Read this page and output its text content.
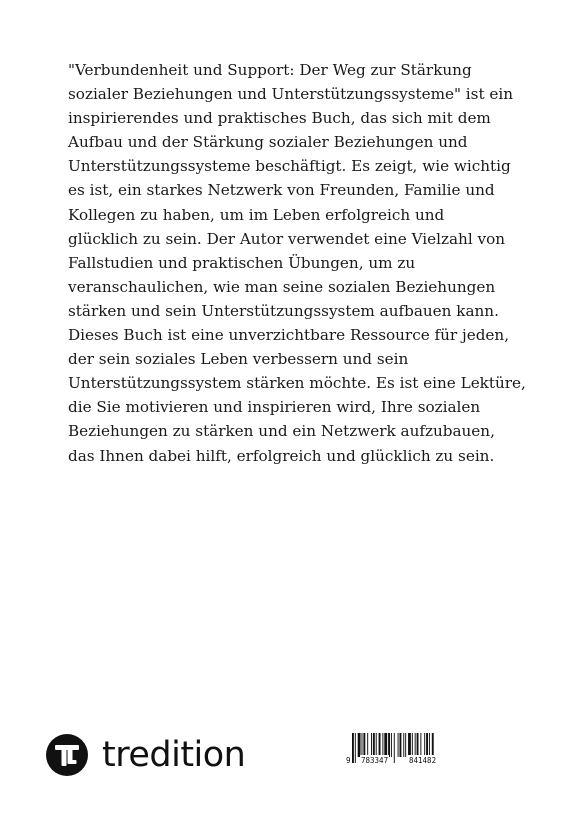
"Verbundenheit und Support: Der Weg zur Stärkung
sozialer Beziehungen und Unterstützungssysteme" ist ein
inspirierendes und praktisches Buch, das sich mit dem
Aufbau und der Stärkung sozialer Beziehungen und
Unterstützungssysteme beschäftigt. Es zeigt, wie wichtig
es ist, ein starkes Netzwerk von Freunden, Familie und
Kollegen zu haben, um im Leben erfolgreich und
glücklich zu sein. Der Autor verwendet eine Vielzahl von
Fallstudien und praktischen Übungen, um zu
veranschaulichen, wie man seine sozialen Beziehungen
stärken und sein Unterstützungssystem aufbauen kann.
Dieses Buch ist eine unverzichtbare Ressource für jeden,
der sein soziales Leben verbessern und sein
Unterstützungssystem stärken möchte. Es ist eine Lektüre,
die Sie motivieren und inspirieren wird, Ihre sozialen
Beziehungen zu stärken und ein Netzwerk aufzubauen,
das Ihnen dabei hilft, erfolgreich und glücklich zu sein.
tredition	9 783347	841482
